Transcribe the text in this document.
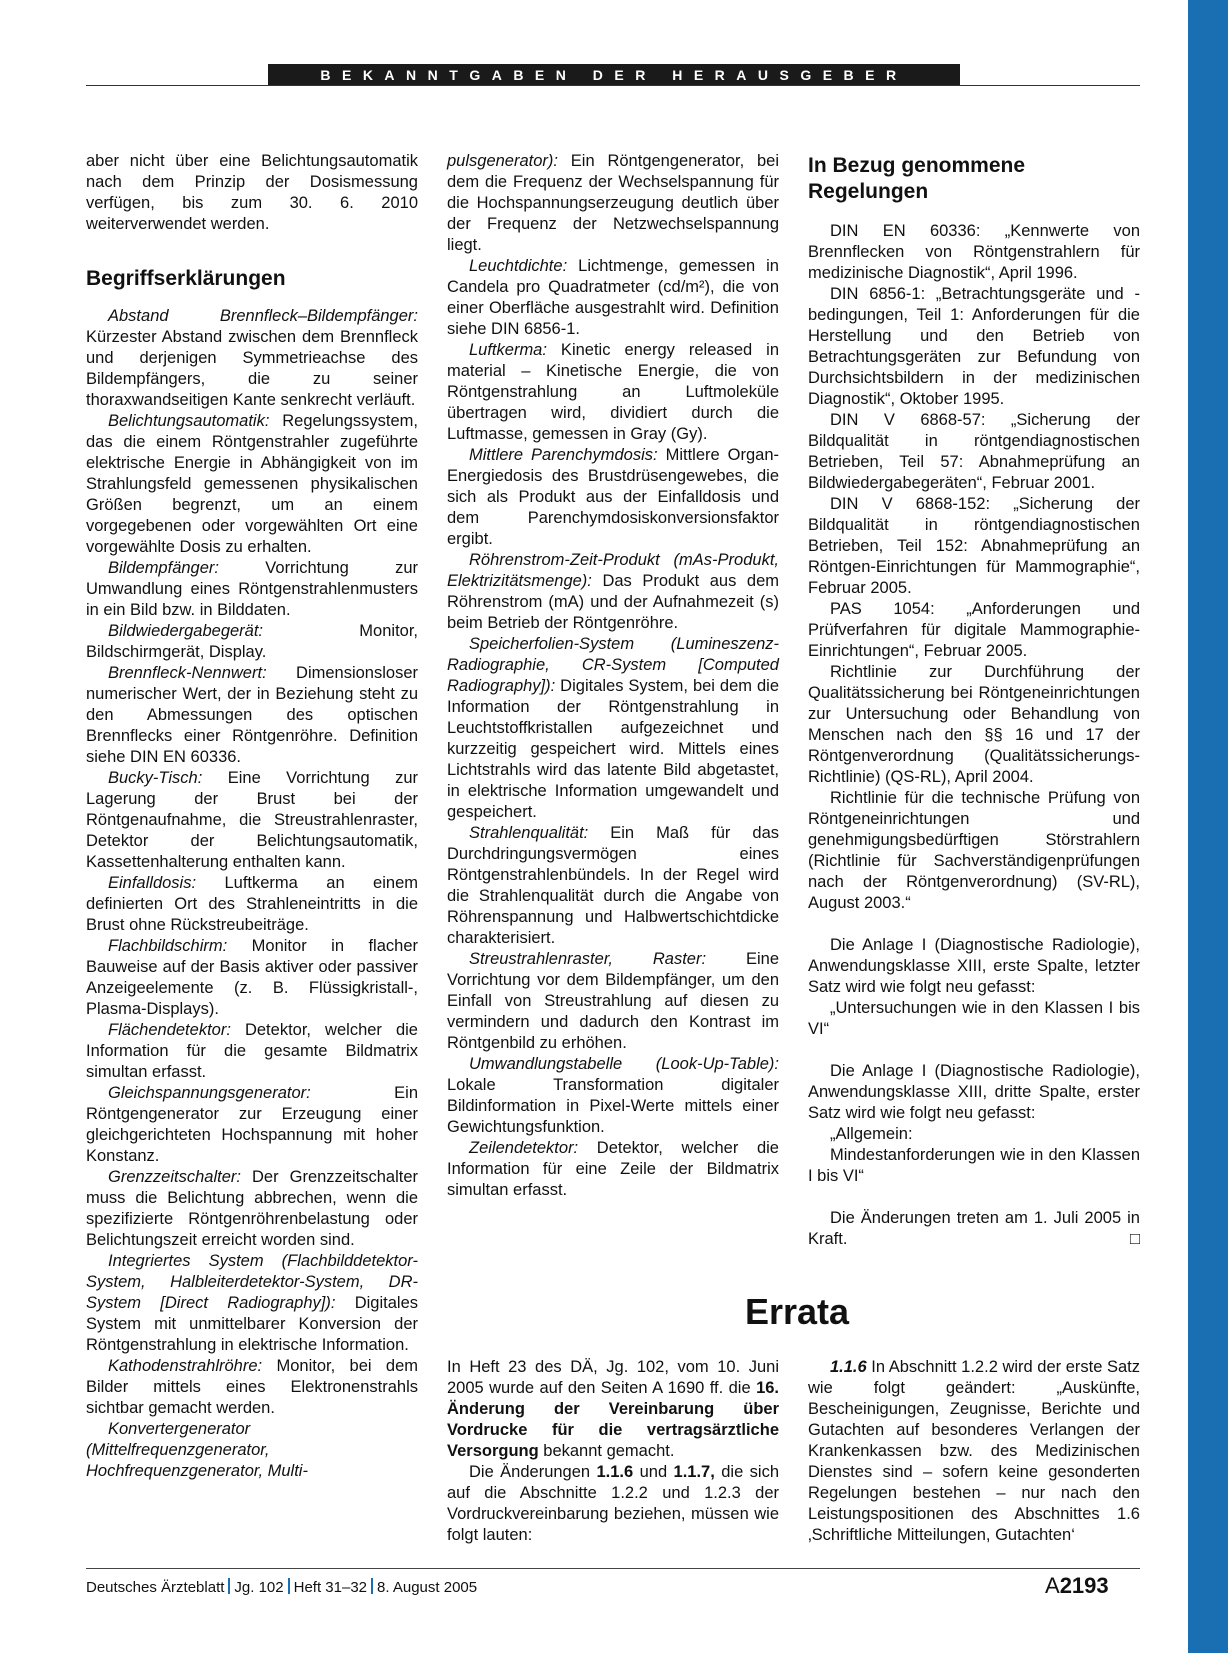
BEKANNTGABEN DER HERAUSGEBER

aber nicht über eine Belichtungsautomatik nach dem Prinzip der Dosismessung verfügen, bis zum 30. 6. 2010 weiterverwendet werden.

Begriffserklärungen

Abstand Brennfleck–Bildempfänger: Kürzester Abstand zwischen dem Brennfleck und derjenigen Symmetrieachse des Bildempfängers, die zu seiner thoraxwandseitigen Kante senkrecht verläuft.

Belichtungsautomatik: Regelungssystem, das die einem Röntgenstrahler zugeführte elektrische Energie in Abhängigkeit von im Strahlungsfeld gemessenen physikalischen Größen begrenzt, um an einem vorgegebenen oder vorgewählten Ort eine vorgewählte Dosis zu erhalten.

Bildempfänger: Vorrichtung zur Umwandlung eines Röntgenstrahlenmusters in ein Bild bzw. in Bilddaten.

Bildwiedergabegerät: Monitor, Bildschirmgerät, Display.

Brennfleck-Nennwert: Dimensionsloser numerischer Wert, der in Beziehung steht zu den Abmessungen des optischen Brennflecks einer Röntgenröhre. Definition siehe DIN EN 60336.

Bucky-Tisch: Eine Vorrichtung zur Lagerung der Brust bei der Röntgenaufnahme, die Streustrahlenraster, Detektor der Belichtungsautomatik, Kassettenhalterung enthalten kann.

Einfalldosis: Luftkerma an einem definierten Ort des Strahleneintritts in die Brust ohne Rückstreubeiträge.

Flachbildschirm: Monitor in flacher Bauweise auf der Basis aktiver oder passiver Anzeigeelemente (z. B. Flüssigkristall-, Plasma-Displays).

Flächendetektor: Detektor, welcher die Information für die gesamte Bildmatrix simultan erfasst.

Gleichspannungsgenerator: Ein Röntgengenerator zur Erzeugung einer gleichgerichteten Hochspannung mit hoher Konstanz.

Grenzzeitschalter: Der Grenzzeitschalter muss die Belichtung abbrechen, wenn die spezifizierte Röntgenröhrenbelastung oder Belichtungszeit erreicht worden sind.

Integriertes System (Flachbilddetektor-System, Halbleiterdetektor-System, DR-System [Direct Radiography]): Digitales System mit unmittelbarer Konversion der Röntgenstrahlung in elektrische Information.

Kathodenstrahlröhre: Monitor, bei dem Bilder mittels eines Elektronenstrahls sichtbar gemacht werden.

Konvertergenerator (Mittelfrequenzgenerator, Hochfrequenzgenerator, Multi-

pulsgenerator): Ein Röntgengenerator, bei dem die Frequenz der Wechselspannung für die Hochspannungserzeugung deutlich über der Frequenz der Netzwechselspannung liegt.

Leuchtdichte: Lichtmenge, gemessen in Candela pro Quadratmeter (cd/m²), die von einer Oberfläche ausgestrahlt wird. Definition siehe DIN 6856-1.

Luftkerma: Kinetic energy released in material – Kinetische Energie, die von Röntgenstrahlung an Luftmoleküle übertragen wird, dividiert durch die Luftmasse, gemessen in Gray (Gy).

Mittlere Parenchymdosis: Mittlere Organ-Energiedosis des Brustdrüsengewebes, die sich als Produkt aus der Einfalldosis und dem Parenchymdosiskonversionsfaktor ergibt.

Röhrenstrom-Zeit-Produkt (mAs-Produkt, Elektrizitätsmenge): Das Produkt aus dem Röhrenstrom (mA) und der Aufnahmezeit (s) beim Betrieb der Röntgenröhre.

Speicherfolien-System (Lumineszenz-Radiographie, CR-System [Computed Radiography]): Digitales System, bei dem die Information der Röntgenstrahlung in Leuchtstoffkristallen aufgezeichnet und kurzzeitig gespeichert wird. Mittels eines Lichtstrahls wird das latente Bild abgetastet, in elektrische Information umgewandelt und gespeichert.

Strahlenqualität: Ein Maß für das Durchdringungsvermögen eines Röntgenstrahlenbündels. In der Regel wird die Strahlenqualität durch die Angabe von Röhrenspannung und Halbwertschichtdicke charakterisiert.

Streustrahlenraster, Raster: Eine Vorrichtung vor dem Bildempfänger, um den Einfall von Streustrahlung auf diesen zu vermindern und dadurch den Kontrast im Röntgenbild zu erhöhen.

Umwandlungstabelle (Look-Up-Table): Lokale Transformation digitaler Bildinformation in Pixel-Werte mittels einer Gewichtungsfunktion.

Zeilendetektor: Detektor, welcher die Information für eine Zeile der Bildmatrix simultan erfasst.

In Bezug genommene Regelungen

DIN EN 60336: „Kennwerte von Brennflecken von Röntgenstrahlern für medizinische Diagnostik“, April 1996.

DIN 6856-1: „Betrachtungsgeräte und -bedingungen, Teil 1: Anforderungen für die Herstellung und den Betrieb von Betrachtungsgeräten zur Befundung von Durchsichtsbildern in der medizinischen Diagnostik“, Oktober 1995.

DIN V 6868-57: „Sicherung der Bildqualität in röntgendiagnostischen Betrieben, Teil 57: Abnahmeprüfung an Bildwiedergabegeräten“, Februar 2001.

DIN V 6868-152: „Sicherung der Bildqualität in röntgendiagnostischen Betrieben, Teil 152: Abnahmeprüfung an Röntgen-Einrichtungen für Mammographie“, Februar 2005.

PAS 1054: „Anforderungen und Prüfverfahren für digitale Mammographie-Einrichtungen“, Februar 2005.

Richtlinie zur Durchführung der Qualitätssicherung bei Röntgeneinrichtungen zur Untersuchung oder Behandlung von Menschen nach den §§ 16 und 17 der Röntgenverordnung (Qualitätssicherungs-Richtlinie) (QS-RL), April 2004.

Richtlinie für die technische Prüfung von Röntgeneinrichtungen und genehmigungsbedürftigen Störstrahlern (Richtlinie für Sachverständigenprüfungen nach der Röntgenverordnung) (SV-RL), August 2003.“

Die Anlage I (Diagnostische Radiologie), Anwendungsklasse XIII, erste Spalte, letzter Satz wird wie folgt neu gefasst:

„Untersuchungen wie in den Klassen I bis VI“

Die Anlage I (Diagnostische Radiologie), Anwendungsklasse XIII, dritte Spalte, erster Satz wird wie folgt neu gefasst:

„Allgemein:

Mindestanforderungen wie in den Klassen I bis VI“

Die Änderungen treten am 1. Juli 2005 in Kraft.	□

Errata

In Heft 23 des DÄ, Jg. 102, vom 10. Juni 2005 wurde auf den Seiten A 1690 ff. die 16. Änderung der Vereinbarung über Vordrucke für die vertragsärztliche Versorgung bekannt gemacht.

Die Änderungen 1.1.6 und 1.1.7, die sich auf die Abschnitte 1.2.2 und 1.2.3 der Vordruckvereinbarung beziehen, müssen wie folgt lauten:

1.1.6 In Abschnitt 1.2.2 wird der erste Satz wie folgt geändert: „Auskünfte, Bescheinigungen, Zeugnisse, Berichte und Gutachten auf besonderes Verlangen der Krankenkassen bzw. des Medizinischen Dienstes sind – sofern keine gesonderten Regelungen bestehen – nur nach den Leistungspositionen des Abschnittes 1.6 ‚Schriftliche Mitteilungen, Gutachten‘

Deutsches Ärzteblatt Jg. 102 Heft 31–32 8. August 2005	A2193
